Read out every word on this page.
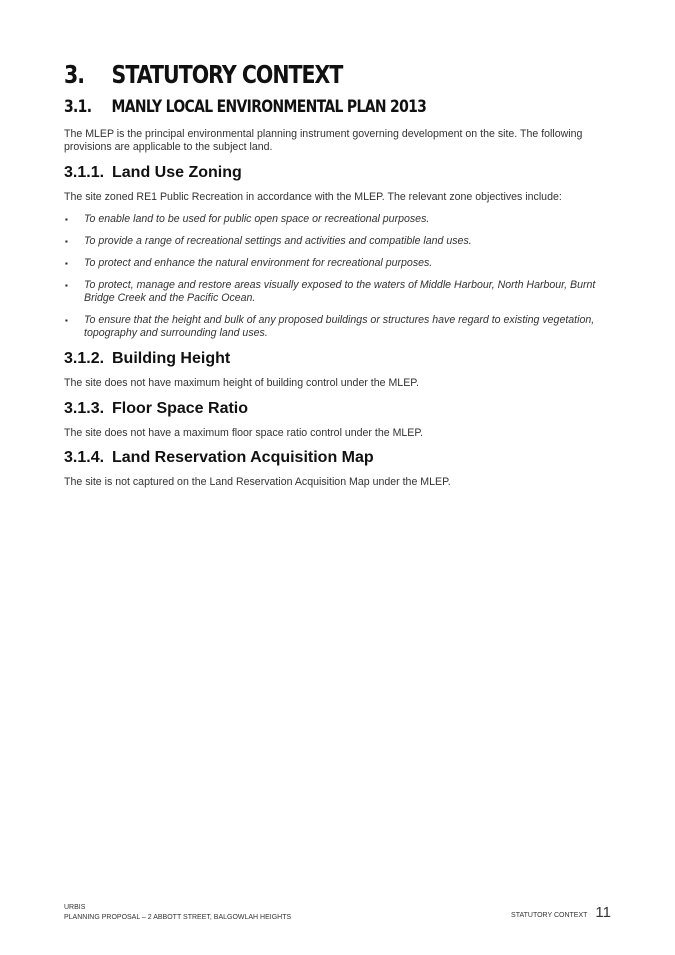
3. STATUTORY CONTEXT
3.1. MANLY LOCAL ENVIRONMENTAL PLAN 2013
The MLEP is the principal environmental planning instrument governing development on the site. The following provisions are applicable to the subject land.
3.1.1. Land Use Zoning
The site zoned RE1 Public Recreation in accordance with the MLEP. The relevant zone objectives include:
▪ To enable land to be used for public open space or recreational purposes.
▪ To provide a range of recreational settings and activities and compatible land uses.
▪ To protect and enhance the natural environment for recreational purposes.
▪ To protect, manage and restore areas visually exposed to the waters of Middle Harbour, North Harbour, Burnt Bridge Creek and the Pacific Ocean.
▪ To ensure that the height and bulk of any proposed buildings or structures have regard to existing vegetation, topography and surrounding land uses.
3.1.2. Building Height
The site does not have maximum height of building control under the MLEP.
3.1.3. Floor Space Ratio
The site does not have a maximum floor space ratio control under the MLEP.
3.1.4. Land Reservation Acquisition Map
The site is not captured on the Land Reservation Acquisition Map under the MLEP.
URBIS
PLANNING PROPOSAL – 2 ABBOTT STREET, BALGOWLAH HEIGHTS	STATUTORY CONTEXT 11
